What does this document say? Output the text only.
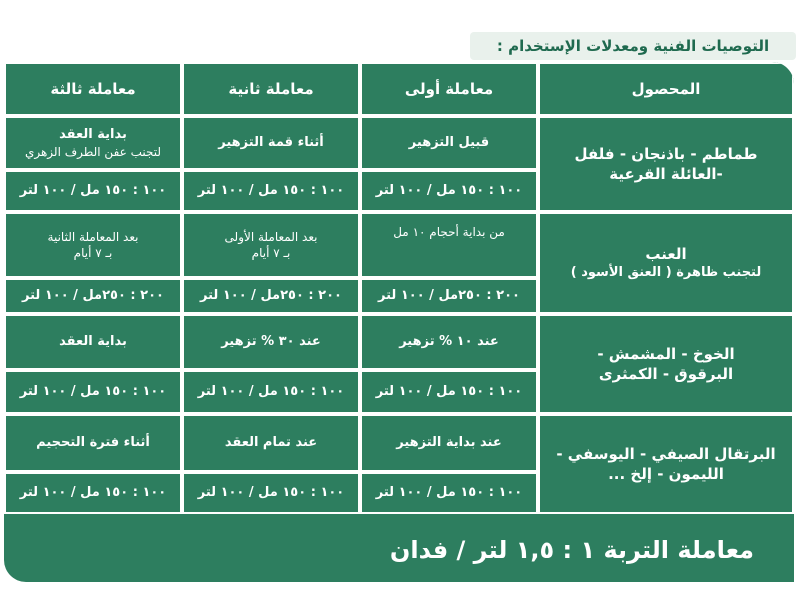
التوصيات الفنية ومعدلات الإستخدام :
المحصول
معاملة أولى
معاملة ثانية
معاملة ثالثة
طماطم - باذنجان - فلفل
-العائلة القرعية
قبيل التزهير
١٠٠ : ١٥٠ مل / ١٠٠ لتر
أثناء قمة التزهير
١٠٠ : ١٥٠ مل / ١٠٠ لتر
بداية العقد
لتجنب عفن الطرف الزهري
١٠٠ : ١٥٠ مل / ١٠٠ لتر
العنب
لتجنب ظاهرة ( العنق الأسود )
من بداية أحجام ١٠ مل
٢٠٠ : ٢٥٠مل / ١٠٠ لتر
بعد المعاملة الأولى
بـ ٧ أيام
٢٠٠ : ٢٥٠مل / ١٠٠ لتر
بعد المعاملة الثانية
بـ ٧ أيام
٢٠٠ : ٢٥٠مل / ١٠٠ لتر
الخوخ - المشمش -
البرقوق - الكمثرى
عند ١٠ % تزهير
١٠٠ : ١٥٠ مل / ١٠٠ لتر
عند ٣٠ % تزهير
١٠٠ : ١٥٠ مل / ١٠٠ لتر
بداية العقد
١٠٠ : ١٥٠ مل / ١٠٠ لتر
البرتقال الصيفي - اليوسفي -
الليمون - إلخ ...
عند بداية التزهير
١٠٠ : ١٥٠ مل / ١٠٠ لتر
عند تمام العقد
١٠٠ : ١٥٠ مل / ١٠٠ لتر
أثناء فترة التحجيم
١٠٠ : ١٥٠ مل / ١٠٠ لتر
معاملة التربة ١ : ١,٥ لتر / فدان
